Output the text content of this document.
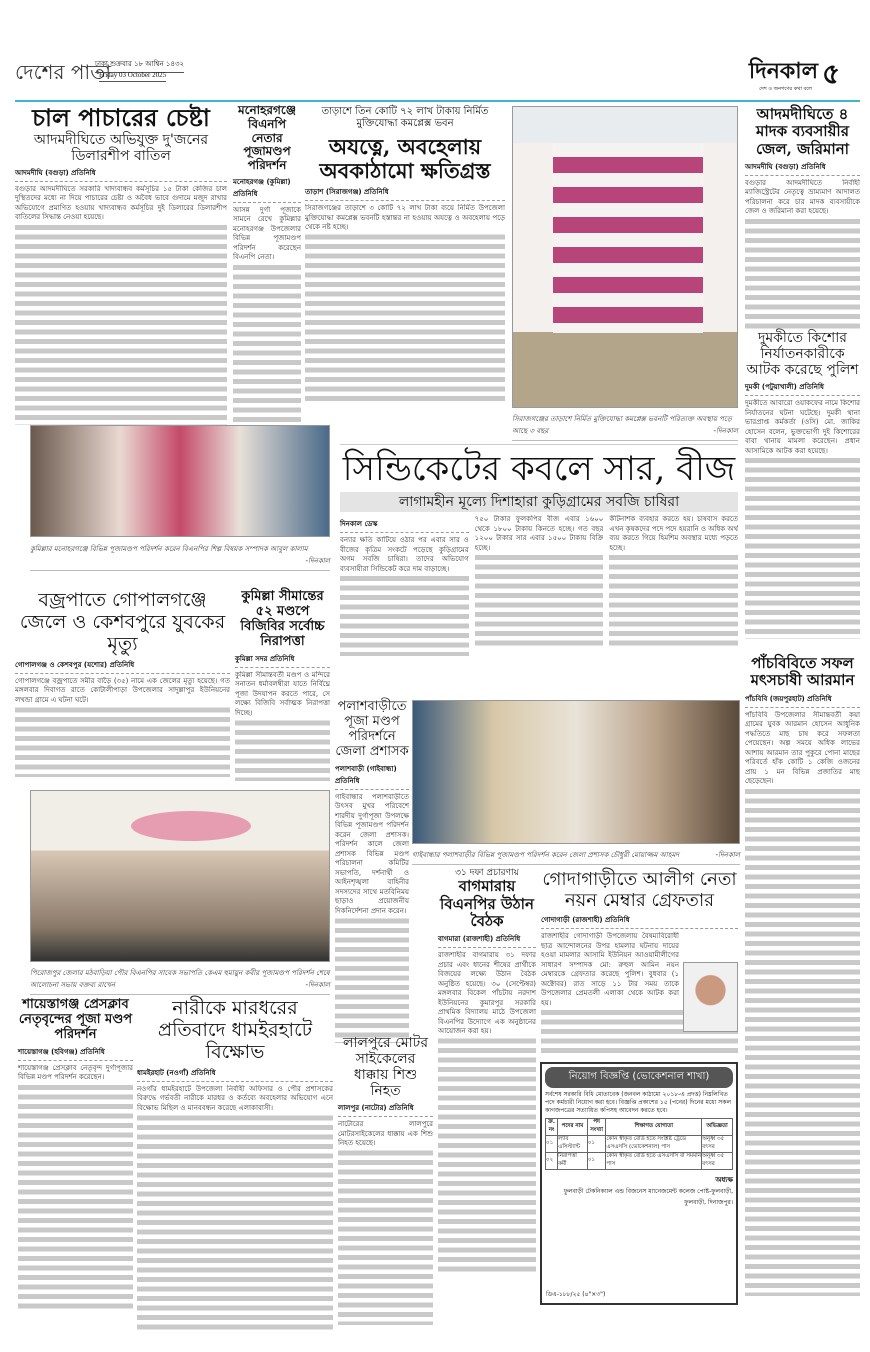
দেশের পাতা
ঢাকা শুক্রবার ১৮ আশ্বিন ১৪৩২
Friday 03 October 2025	দিনকাল
দেশ ও জনগণের কথা বলে ৫
চাল পাচারের চেষ্টা
আদমদীঘিতে অভিযুক্ত দু'জনের ডিলারশীপ বাতিল
আদমদীঘি (বগুড়া) প্রতিনিধি

বগুড়ার আদমদীঘিতে সরকারি খাদ্যবান্ধব কর্মসূচির ১৫ টাকা কেজির চাল দুস্থিতদের মধ্যে না দিয়ে পাচারের চেষ্টা ও অবৈধ ভাবে গুদামে মজুদ রাখার অভিযোগে প্রমাণিত হওয়ায় খাদ্যবান্ধব কর্মসূচির দুই ডিলারের ডিলারশীপ বাতিলের সিদ্ধান্ত নেওয়া হয়েছে।

মনোহরগঞ্জে বিএনপি নেতার পূজামণ্ডপ পরিদর্শন
মনোহরগঞ্জ (কুমিল্লা) প্রতিনিধি

আসন্ন দুর্গা পূজাকে সামনে রেখে কুমিল্লার মনোহরগঞ্জ উপজেলার বিভিন্ন পূজামণ্ডপ পরিদর্শন করেছেন বিএনপি নেতা।

তাড়াশে তিন কোটি ৭২ লাখ টাকায় নির্মিত মুক্তিযোদ্ধা কমপ্লেক্স ভবন
অযত্নে, অবহেলায় অবকাঠামো ক্ষতিগ্রস্ত
তাড়াশ (সিরাজগঞ্জ) প্রতিনিধি

সিরাজগঞ্জের তাড়াশে ৩ কোটি ৭২ লাখ টাকা ব্যয়ে নির্মিত উপজেলা মুক্তিযোদ্ধা কমপ্লেক্স ভবনটি হস্তান্তর না হওয়ায় অযত্নে ও অবহেলায় পড়ে থেকে নষ্ট হচ্ছে।

সিরাজগঞ্জের তাড়াশে নির্মিত মুক্তিযোদ্ধা কমপ্লেক্স ভবনটি পরিত্যক্ত অবস্থায় পড়ে আছে ৩ বছর	-দিনকাল
আদমদীঘিতে ৪ মাদক ব্যবসায়ীর জেল, জরিমানা
আদমদীঘি (বগুড়া) প্রতিনিধি

বগুড়ার আদমদীঘিতে নির্বাহী ম্যাজিস্ট্রেটের নেতৃত্বে ভ্রাম্যমাণ আদালত পরিচালনা করে চার মাদক ব্যবসায়ীকে জেল ও জরিমানা করা হয়েছে।

দুমকীতে কিশোর নির্যাতনকারীকে আটক করেছে পুলিশ
দুমকী (পটুয়াখালী) প্রতিনিধি

দুমকীতে আবারো ওয়াকফের নামে কিশোর নির্যাতনের ঘটনা ঘটেছে। দুমকী থানা ভারপ্রাপ্ত কর্মকর্তা (ওসি) মো. জাকির হোসেন বলেন, ভুক্তভোগী দুই কিশোরের বাবা থানায় মামলা করেছেন। প্রধান আসামিকে আটক করা হয়েছে।

পাঁচবিবিতে সফল মৎসচাষী আরমান
পাঁচবিবি (জয়পুরহাট) প্রতিনিধি

পাঁচবিবি উপজেলার সীমান্তবর্তী কয়া গ্রামের যুবক আরমান হোসেন আধুনিক পদ্ধতিতে মাছ চাষ করে সফলতা পেয়েছেন। অল্প সময়ে অধিক লাভের আশায় আরমান তার পুকুরে পোনা মাছের পরিবর্তে হাঁক কোটি ১ কেজি ওজনের প্রায় ১ মন বিভিন্ন প্রজাতির মাছ ছেড়েছেন।

কুমিল্লার মনোহরগঞ্জে বিভিন্ন পূজামণ্ডপ পরিদর্শন করেন বিএনপির শিল্প বিষয়ক সম্পাদক আবুল কালাম
-দিনকাল
সিন্ডিকেটের কবলে সার, বীজ
লাগামহীন মূল্যে দিশাহারা কুড়িগ্রামের সবজি চাষিরা
দিনকাল ডেস্ক

বন্যার ক্ষতি কাটিয়ে ওঠার পর এবার সার ও বীজের কৃত্রিম সংকটে পড়েছে কুড়িগ্রামের অগম সবজি চাষিরা। তাদের অভিযোগ ব্যবসায়ীরা সিন্ডিকেট করে দাম বাড়াচ্ছে।

৭৫০ টাকার ফুলকপির বীজ এবার ১৬০০ থেকে ১৮০০ টাকায় কিনতে হচ্ছে। গত বছর ১২০০ টাকার সার এবার ১৫০০ টাকায় বিক্রি হচ্ছে।

কীটনাশক ব্যবহার করতে হয়। চাষবাস করতে এখন কৃষকদের পদে পদে হয়রানি ও অধিক অর্থ ব্যয় করতে গিয়ে হিমশিম অবস্থার মধ্যে পড়তে হচ্ছে।

বজ্রপাতে গোপালগঞ্জে জেলে ও কেশবপুরে যুবকের মৃত্যু
গোপালগঞ্জ ও কেশবপুর (যশোর) প্রতিনিধি

গোপালগঞ্জে বজ্রপাতে সমীর বাড়ৈ (৩৫) নামে এক জেলের মৃত্যু হয়েছে। গত মঙ্গলবার দিবাগত রাতে কোটালীপাড়া উপজেলার সাদুল্লাপুর ইউনিয়নের লখন্ডা গ্রামে এ ঘটনা ঘটে।

কুমিল্লা সীমান্তের ৫২ মণ্ডপে বিজিবির সর্বোচ্চ নিরাপত্তা
কুমিল্লা সদর প্রতিনিধি

কুমিল্লা সীমান্তবর্তী মণ্ডপ ও মন্দিরে সনাতন ধর্মাবলম্বীরা যাতে নির্বিঘ্নে পূজা উদযাপন করতে পারে, সে লক্ষ্যে বিজিবি সর্বাত্মক নিরাপত্তা দিচ্ছে।

গাইবান্ধার পলাশবাড়ীর বিভিন্ন পূজামণ্ডপ পরিদর্শন করেন জেলা প্রশাসক চৌধুরী মোয়াজ্জম আহমদ	-দিনকাল
পলাশবাড়ীতে পূজা মণ্ডপ পরিদর্শনে জেলা প্রশাসক
পলাশবাড়ী (গাইবান্ধা) প্রতিনিধি

গাইবান্ধার পলাশবাড়ীতে উৎসব মুখর পরিবেশে শারদীয় দুর্গাপূজা উপলক্ষে বিভিন্ন পূজামণ্ডপ পরিদর্শন করেন জেলা প্রশাসক। পরিদর্শন কালে জেলা প্রশাসক বিভিন্ন মণ্ডপ পরিচালনা কমিটির সভাপতি, দর্শনার্থী ও আইনশৃঙ্খলা বাহিনীর সদস্যদের সাথে মতবিনিময় ছাড়াও প্রয়োজনীয় দিকনির্দেশনা প্রদান করেন।

পিরোজপুর জেলার মঠবাড়িয়া পৌর বিএনপির সাবেক সভাপতি কেএম হুমায়ুন কবীর পূজামণ্ডপ পরিদর্শন শেষে আলোচনা সভায় বক্তব্য রাখেন	-দিনকাল
৩১ দফা প্রচারণায়
বাগমারায় বিএনপির উঠান বৈঠক
বাগমারা (রাজশাহী) প্রতিনিধি

রাজশাহীর বাগমারায় ৩১ দফার প্রচার এবং ধানের শীষের প্রার্থীকে বিজয়ের লক্ষ্যে উঠান বৈঠক অনুষ্ঠিত হয়েছে। ৩০ (সেপ্টেম্বর) মঙ্গলবার বিকেল পাঁচটায় নরদাশ ইউনিয়নের কুমারপুর সরকারি প্রাথমিক বিদ্যালয় মাঠে উপজেলা বিএনপির উদ্যোগে এক অনুষ্ঠানের আয়োজন করা হয়।

গোদাগাড়ীতে আলীগ নেতা নয়ন মেম্বার গ্রেফতার
গোদাগাড়ী (রাজশাহী) প্রতিনিধি

রাজশাহীর গোদাগাড়ী উপজেলায় বৈষম্যবিরোধী ছাত্র আন্দোলনের উপর হামলার ঘটনায় দায়ের হওয়া মামলার আসামি ইউনিয়ন আওয়ামীলীগের সাধারণ সম্পাদক মো: রুহুল আমিন নয়ন মেম্বারকে গ্রেফতার করেছে পুলিশ। বুধবার (১ অক্টোবর) রাত সাড়ে ১১ টার সময় তাকে উপজেলার প্রেমতলী এলাকা থেকে আটক করা হয়।

নিয়োগ বিজ্ঞপ্তি (ভোকেশনাল শাখা)
সর্বশেষ সরকারি বিধি মোতাবেক (জনবল কাঠামো ২০১৮-এ প্রদত্ত) নিম্নলিখিত পদে কর্মচারী নিয়োগ করা হবে। বিজ্ঞপ্তি প্রকাশের ১৫ (পনের) দিনের মধ্যে সকল কাগজপত্রের সত্যায়িত কপিসহ আবেদন করতে হবে।
ক্র. নং	পদের নাম	পদ সংখ্যা	শিক্ষাগত যোগ্যতা	অভিজ্ঞতা
০১	ল্যাব এসিস্ট্যান্ট	০১	কোন স্বীকৃত বোর্ড হতে সংশ্লিষ্ট ট্রেডে এসএসসি (ভোকেশনাল) পাস	অনূর্ধ্ব ৩৫ বৎসর
০২	নিরাপত্তা কর্মী	০১	কোন স্বীকৃত বোর্ড হতে এসএসসি বা সমমান পাস	অনূর্ধ্ব ৩৫ বৎসর
অধ্যক্ষ
ফুলবাড়ী টেকনিক্যাল এন্ড বিজনেস ম্যানেজমেন্ট কলেজ পোষ্ট-ফুলবাড়ী, ফুলবাড়ী, দিনাজপুর।
ডিএ-১৮৮/২৫ (৪"×৩")
শায়েস্তাগঞ্জ প্রেসক্লাব নেতৃবৃন্দের পূজা মণ্ডপ পরিদর্শন
শায়েস্তাগঞ্জ (হবিগঞ্জ) প্রতিনিধি

শায়েস্তাগঞ্জ প্রেসক্লাব নেতৃবৃন্দ দুর্গাপূজার বিভিন্ন মণ্ডপ পরিদর্শন করেছেন।

নারীকে মারধরের প্রতিবাদে ধামইরহাটে বিক্ষোভ
ধামইরহাট (নওগাঁ) প্রতিনিধি

নওগাঁর ধামইরহাটে উপজেলা নির্বাহী অফিসার ও পৌর প্রশাসকের বিরুদ্ধে গর্ভবতী নারীকে মারধর ও কর্তব্যে অবহেলার অভিযোগ এনে বিক্ষোভ মিছিল ও মানববন্ধন করেছে এলাকাবাসী।

লালপুরে মোটর সাইকেলের ধাক্কায় শিশু নিহত
লালপুর (নাটোর) প্রতিনিধি

নাটোরের লালপুরে মোটরসাইকেলের ধাক্কায় এক শিশু নিহত হয়েছে।
